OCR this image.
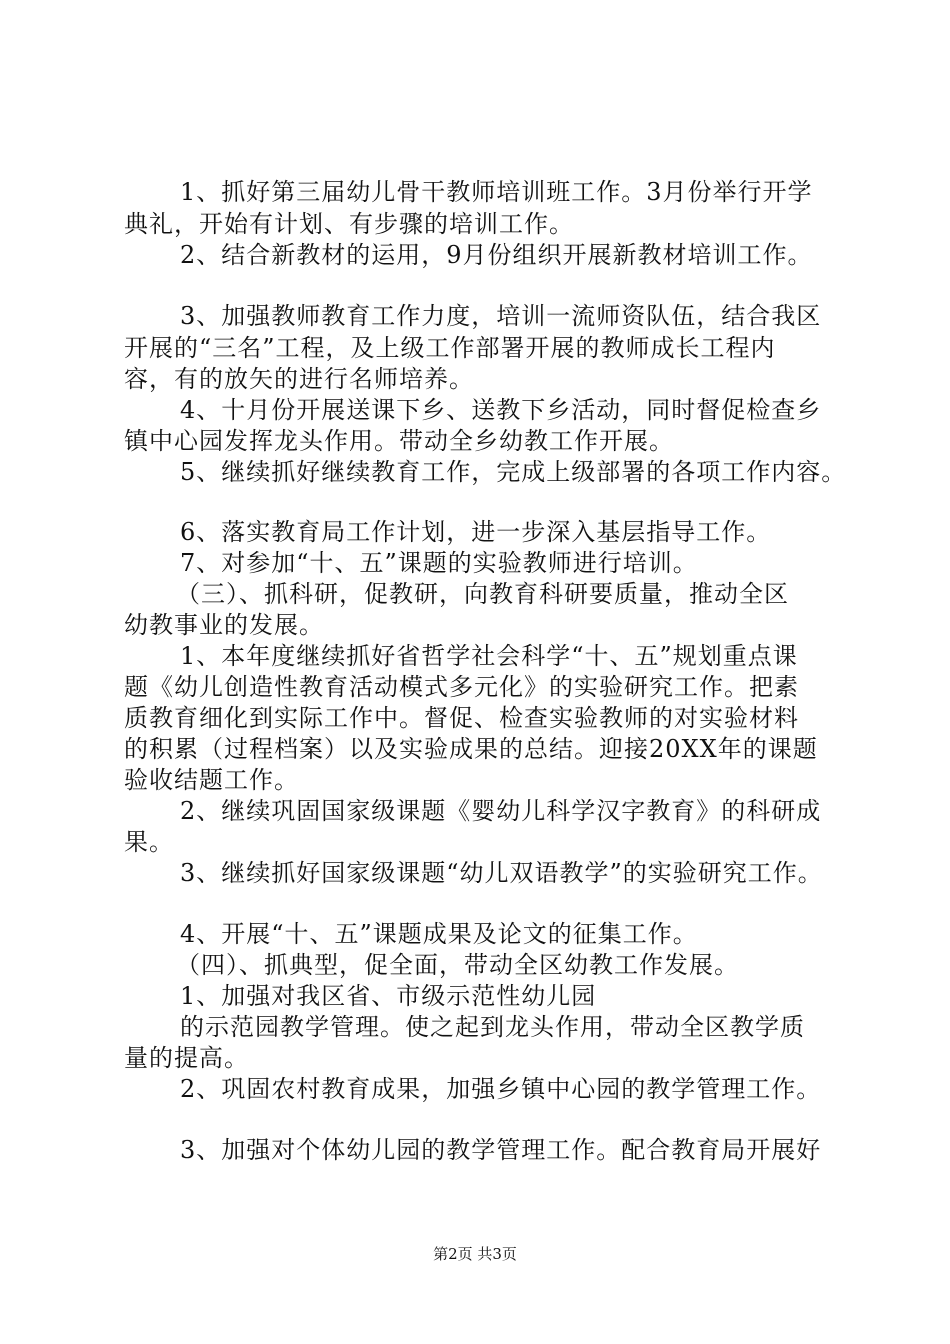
1、抓好第三届幼儿骨干教师培训班工作。3月份举行开学
典礼，开始有计划、有步骤的培训工作。
2、结合新教材的运用，9月份组织开展新教材培训工作。
3、加强教师教育工作力度，培训一流师资队伍，结合我区
开展的“三名”工程，及上级工作部署开展的教师成长工程内
容，有的放矢的进行名师培养。
4、十月份开展送课下乡、送教下乡活动，同时督促检查乡
镇中心园发挥龙头作用。带动全乡幼教工作开展。
5、继续抓好继续教育工作，完成上级部署的各项工作内容。
6、落实教育局工作计划，进一步深入基层指导工作。
7、对参加“十、五”课题的实验教师进行培训。
（三）、抓科研，促教研，向教育科研要质量，推动全区
幼教事业的发展。
1、本年度继续抓好省哲学社会科学“十、五”规划重点课
题《幼儿创造性教育活动模式多元化》的实验研究工作。把素
质教育细化到实际工作中。督促、检查实验教师的对实验材料
的积累（过程档案）以及实验成果的总结。迎接20XX年的课题
验收结题工作。
2、继续巩固国家级课题《婴幼儿科学汉字教育》的科研成
果。
3、继续抓好国家级课题“幼儿双语教学”的实验研究工作。
4、开展“十、五”课题成果及论文的征集工作。
（四）、抓典型，促全面，带动全区幼教工作发展。
1、加强对我区省、市级示范性幼儿园
的示范园教学管理。使之起到龙头作用，带动全区教学质
量的提高。
2、巩固农村教育成果，加强乡镇中心园的教学管理工作。
3、加强对个体幼儿园的教学管理工作。配合教育局开展好
第2页 共3页
